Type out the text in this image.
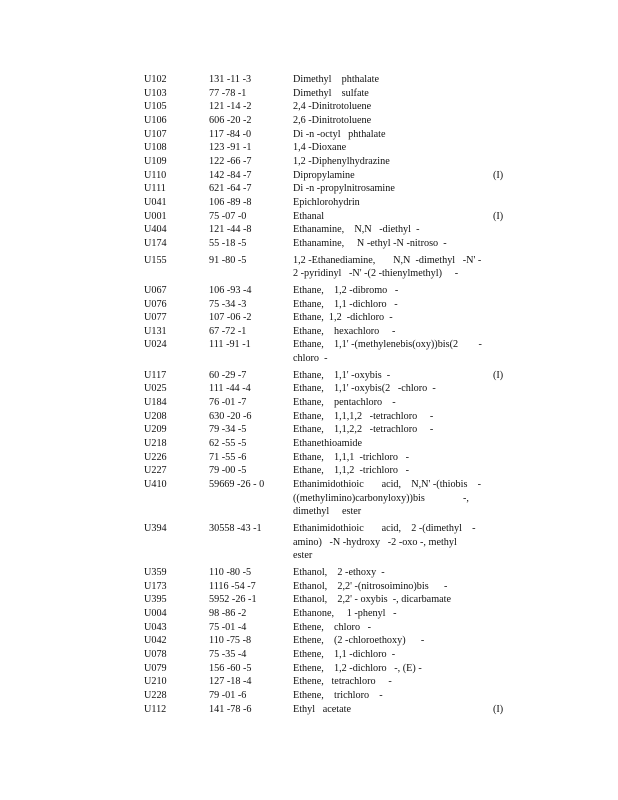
U102	131 -11 -3	Dimethyl    phthalate
U103	77 -78 -1	Dimethyl    sulfate
U105	121 -14 -2	2,4 -Dinitrotoluene
U106	606 -20 -2	2,6 -Dinitrotoluene
U107	117 -84 -0	Di -n -octyl   phthalate
U108	123 -91 -1	1,4 -Dioxane
U109	122 -66 -7	1,2 -Diphenylhydrazine
U110	142 -84 -7	Dipropylamine	(I)
U111	621 -64 -7	Di -n -propylnitrosamine
U041	106 -89 -8	Epichlorohydrin
U001	75 -07 -0	Ethanal	(I)
U404	121 -44 -8	Ethanamine,    N,N   -diethyl  -
U174	55 -18 -5	Ethanamine,     N -ethyl -N -nitroso  -
U155	91 -80 -5	1,2 -Ethanediamine,       N,N  -dimethyl   -N' -
2 -pyridinyl   -N' -(2 -thienylmethyl)     -
U067	106 -93 -4	Ethane,    1,2 -dibromo   -
U076	75 -34 -3	Ethane,    1,1 -dichloro   -
U077	107 -06 -2	Ethane,  1,2  -dichloro  -
U131	67 -72 -1	Ethane,    hexachloro     -
U024	111 -91 -1	Ethane,    1,1' -(methylenebis(oxy))bis(2        -
chloro  -
U117	60 -29 -7	Ethane,    1,1' -oxybis  -	(I)
U025	111 -44 -4	Ethane,    1,1' -oxybis(2   -chloro  -
U184	76 -01 -7	Ethane,    pentachloro    -
U208	630 -20 -6	Ethane,    1,1,1,2   -tetrachloro     -
U209	79 -34 -5	Ethane,    1,1,2,2   -tetrachloro     -
U218	62 -55 -5	Ethanethioamide
U226	71 -55 -6	Ethane,    1,1,1  -trichloro   -
U227	79 -00 -5	Ethane,    1,1,2  -trichloro   -
U410	59669 -26 - 0	Ethanimidothioic       acid,    N,N' -(thiobis    -
((methylimino)carbonyloxy))bis               -,
dimethyl     ester
U394	30558 -43 -1	Ethanimidothioic       acid,    2 -(dimethyl    -
amino)   -N -hydroxy   -2 -oxo -, methyl
ester
U359	110 -80 -5	Ethanol,    2 -ethoxy  -
U173	1116 -54 -7	Ethanol,    2,2' -(nitrosoimino)bis      -
U395	5952 -26 -1	Ethanol,    2,2' - oxybis  -, dicarbamate
U004	98 -86 -2	Ethanone,     1 -phenyl   -
U043	75 -01 -4	Ethene,    chloro   -
U042	110 -75 -8	Ethene,    (2 -chloroethoxy)      -
U078	75 -35 -4	Ethene,    1,1 -dichloro  -
U079	156 -60 -5	Ethene,    1,2 -dichloro   -, (E) -
U210	127 -18 -4	Ethene,   tetrachloro     -
U228	79 -01 -6	Ethene,    trichloro    -
U112	141 -78 -6	Ethyl   acetate	(I)
